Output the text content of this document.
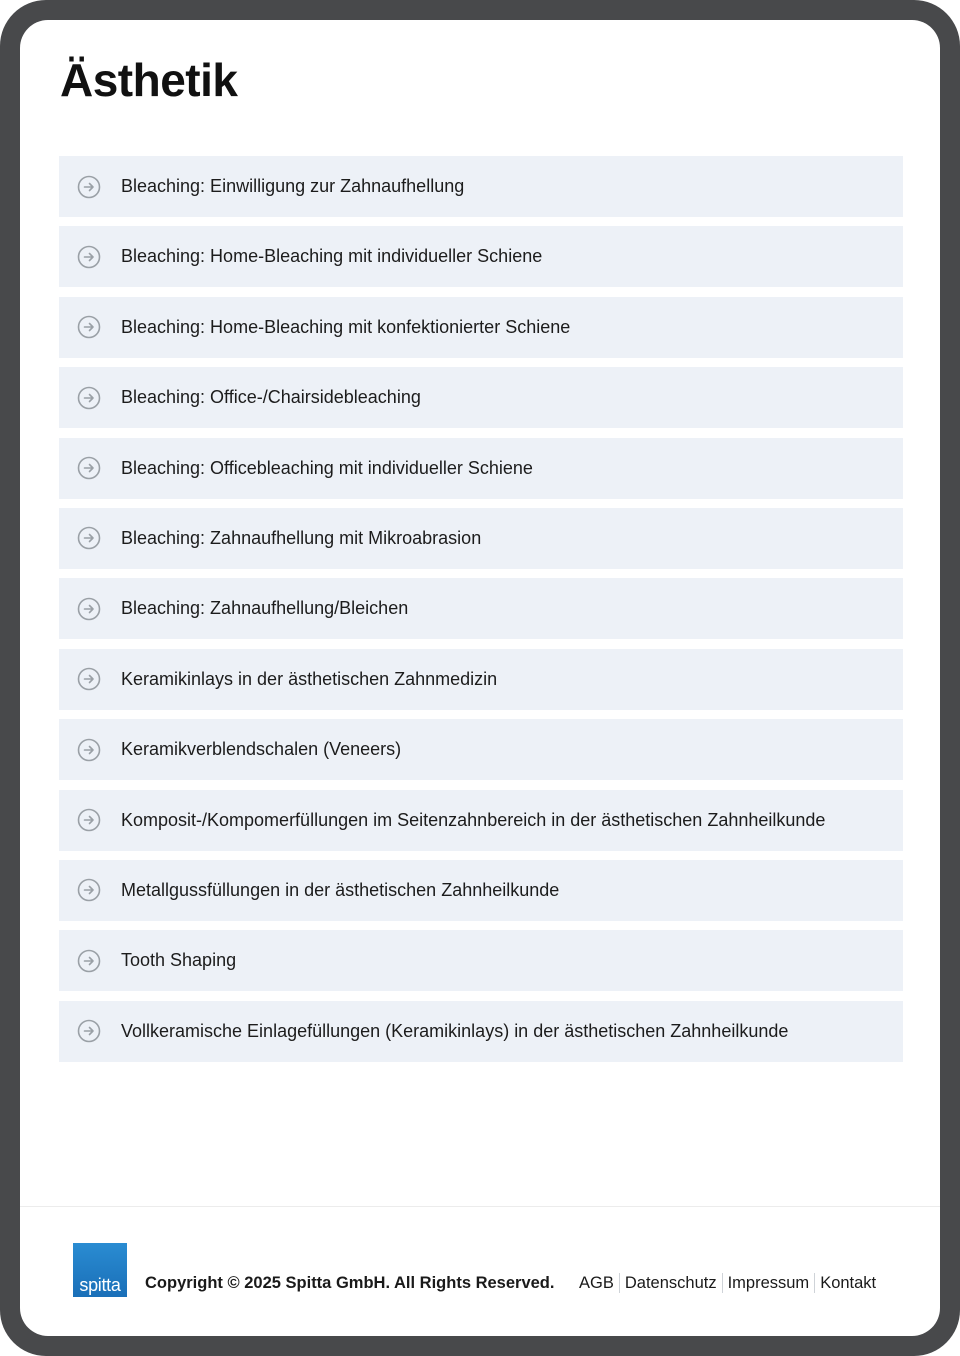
Ästhetik
Bleaching: Einwilligung zur Zahnaufhellung
Bleaching: Home-Bleaching mit individueller Schiene
Bleaching: Home-Bleaching mit konfektionierter Schiene
Bleaching: Office-/Chairsidebleaching
Bleaching: Officebleaching mit individueller Schiene
Bleaching: Zahnaufhellung mit Mikroabrasion
Bleaching: Zahnaufhellung/Bleichen
Keramikinlays in der ästhetischen Zahnmedizin
Keramikverblendschalen (Veneers)
Komposit-/Kompomerfüllungen im Seitenzahnbereich in der ästhetischen Zahnheilkunde
Metallgussfüllungen in der ästhetischen Zahnheilkunde
Tooth Shaping
Vollkeramische Einlagefüllungen (Keramikinlays) in der ästhetischen Zahnheilkunde
spitta Copyright © 2025 Spitta GmbH. All Rights Reserved. AGB Datenschutz Impressum Kontakt
